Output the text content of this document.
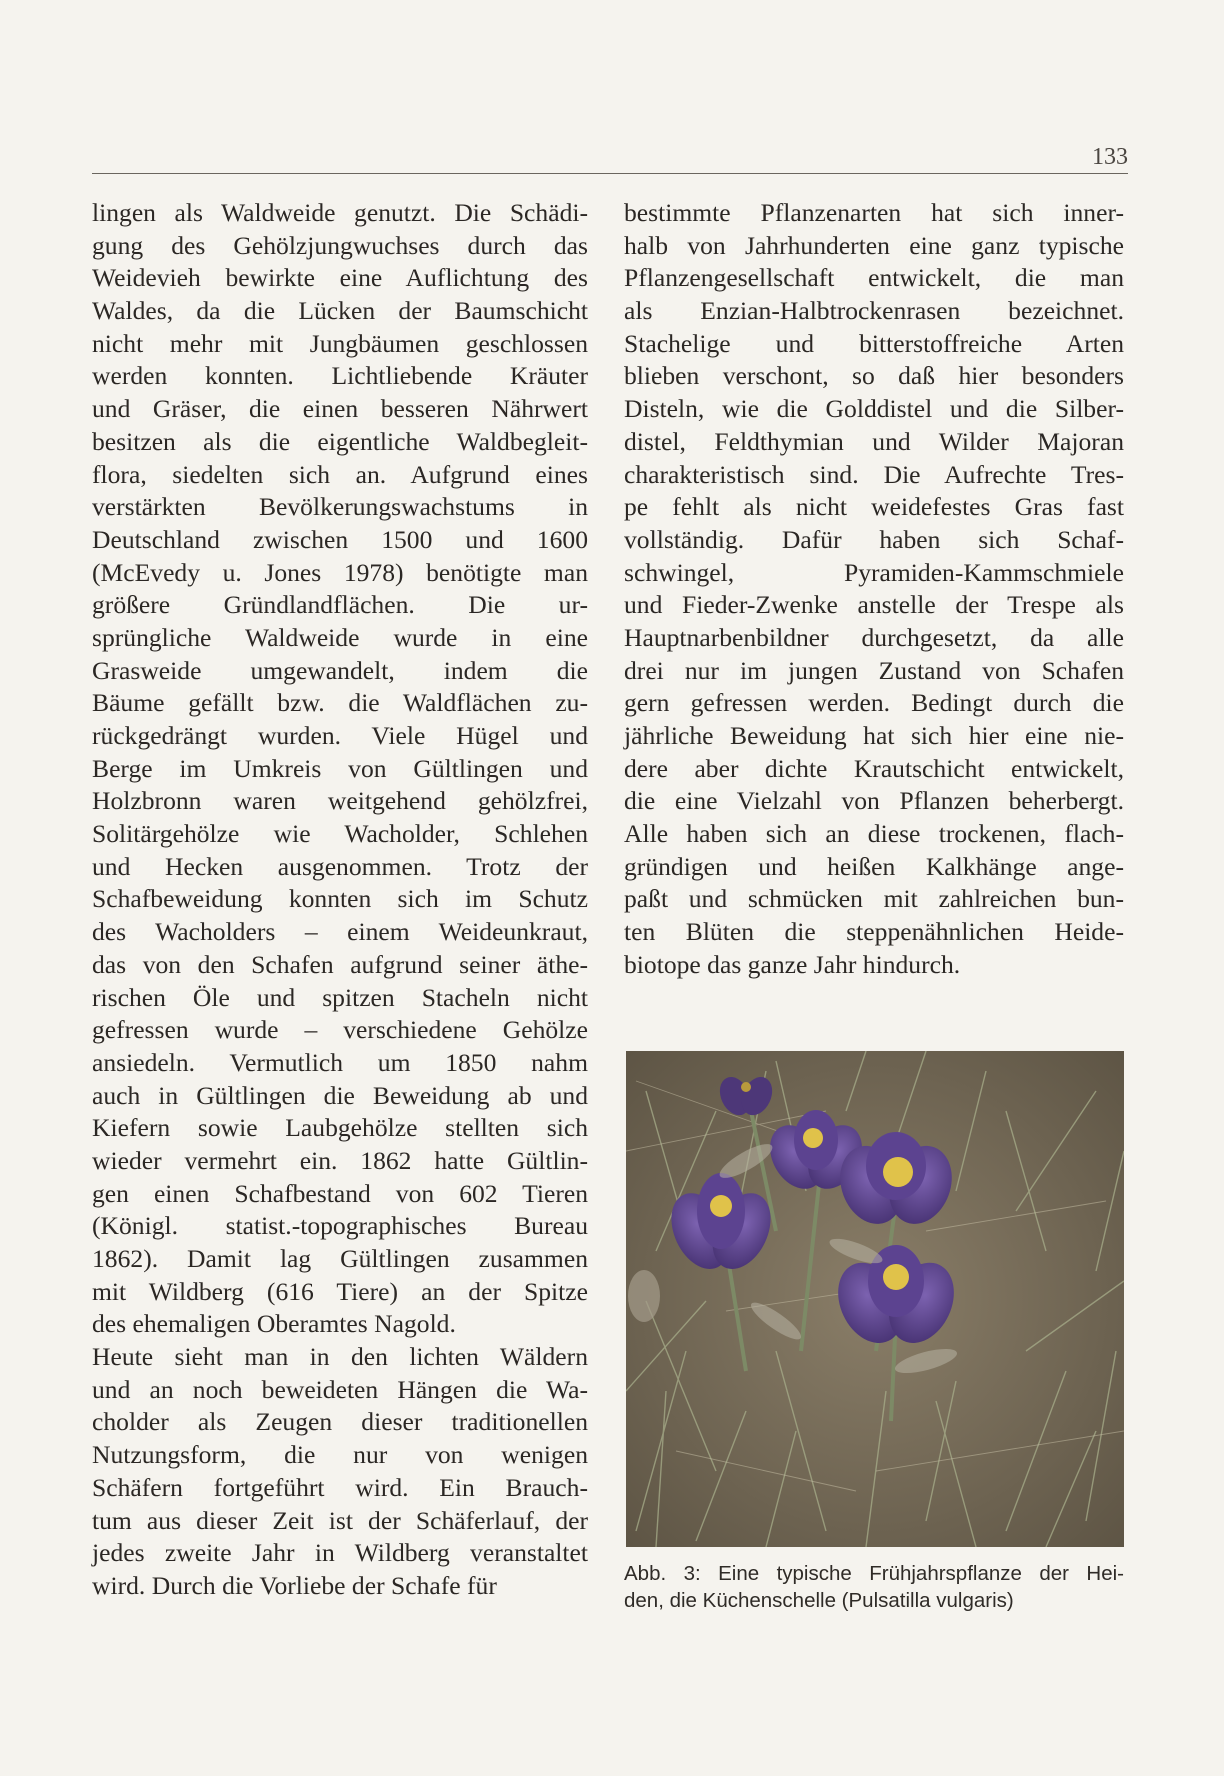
133
lingen als Waldweide genutzt. Die Schädi-
gung des Gehölzjungwuchses durch das
Weidevieh bewirkte eine Auflichtung des
Waldes, da die Lücken der Baumschicht
nicht mehr mit Jungbäumen geschlossen
werden konnten. Lichtliebende Kräuter
und Gräser, die einen besseren Nährwert
besitzen als die eigentliche Waldbegleit-
flora, siedelten sich an. Aufgrund eines
verstärkten Bevölkerungswachstums in
Deutschland zwischen 1500 und 1600
(McEvedy u. Jones 1978) benötigte man
größere Gründlandflächen. Die ur-
sprüngliche Waldweide wurde in eine
Grasweide umgewandelt, indem die
Bäume gefällt bzw. die Waldflächen zu-
rückgedrängt wurden. Viele Hügel und
Berge im Umkreis von Gültlingen und
Holzbronn waren weitgehend gehölzfrei,
Solitärgehölze wie Wacholder, Schlehen
und Hecken ausgenommen. Trotz der
Schafbeweidung konnten sich im Schutz
des Wacholders – einem Weideunkraut,
das von den Schafen aufgrund seiner äthe-
rischen Öle und spitzen Stacheln nicht
gefressen wurde – verschiedene Gehölze
ansiedeln. Vermutlich um 1850 nahm
auch in Gültlingen die Beweidung ab und
Kiefern sowie Laubgehölze stellten sich
wieder vermehrt ein. 1862 hatte Gültlin-
gen einen Schafbestand von 602 Tieren
(Königl. statist.-topographisches Bureau
1862). Damit lag Gültlingen zusammen
mit Wildberg (616 Tiere) an der Spitze
des ehemaligen Oberamtes Nagold.
Heute sieht man in den lichten Wäldern
und an noch beweideten Hängen die Wa-
cholder als Zeugen dieser traditionellen
Nutzungsform, die nur von wenigen
Schäfern fortgeführt wird. Ein Brauch-
tum aus dieser Zeit ist der Schäferlauf, der
jedes zweite Jahr in Wildberg veranstaltet
wird. Durch die Vorliebe der Schafe für
bestimmte Pflanzenarten hat sich inner-
halb von Jahrhunderten eine ganz typische
Pflanzengesellschaft entwickelt, die man
als Enzian-Halbtrockenrasen bezeichnet.
Stachelige und bitterstoffreiche Arten
blieben verschont, so daß hier besonders
Disteln, wie die Golddistel und die Silber-
distel, Feldthymian und Wilder Majoran
charakteristisch sind. Die Aufrechte Tres-
pe fehlt als nicht weidefestes Gras fast
vollständig. Dafür haben sich Schaf-
schwingel, Pyramiden-Kammschmiele
und Fieder-Zwenke anstelle der Trespe als
Hauptnarbenbildner durchgesetzt, da alle
drei nur im jungen Zustand von Schafen
gern gefressen werden. Bedingt durch die
jährliche Beweidung hat sich hier eine nie-
dere aber dichte Krautschicht entwickelt,
die eine Vielzahl von Pflanzen beherbergt.
Alle haben sich an diese trockenen, flach-
gründigen und heißen Kalkhänge ange-
paßt und schmücken mit zahlreichen bun-
ten Blüten die steppenähnlichen Heide-
biotope das ganze Jahr hindurch.
Abb. 3: Eine typische Frühjahrspflanze der Hei-
den, die Küchenschelle (Pulsatilla vulgaris)
